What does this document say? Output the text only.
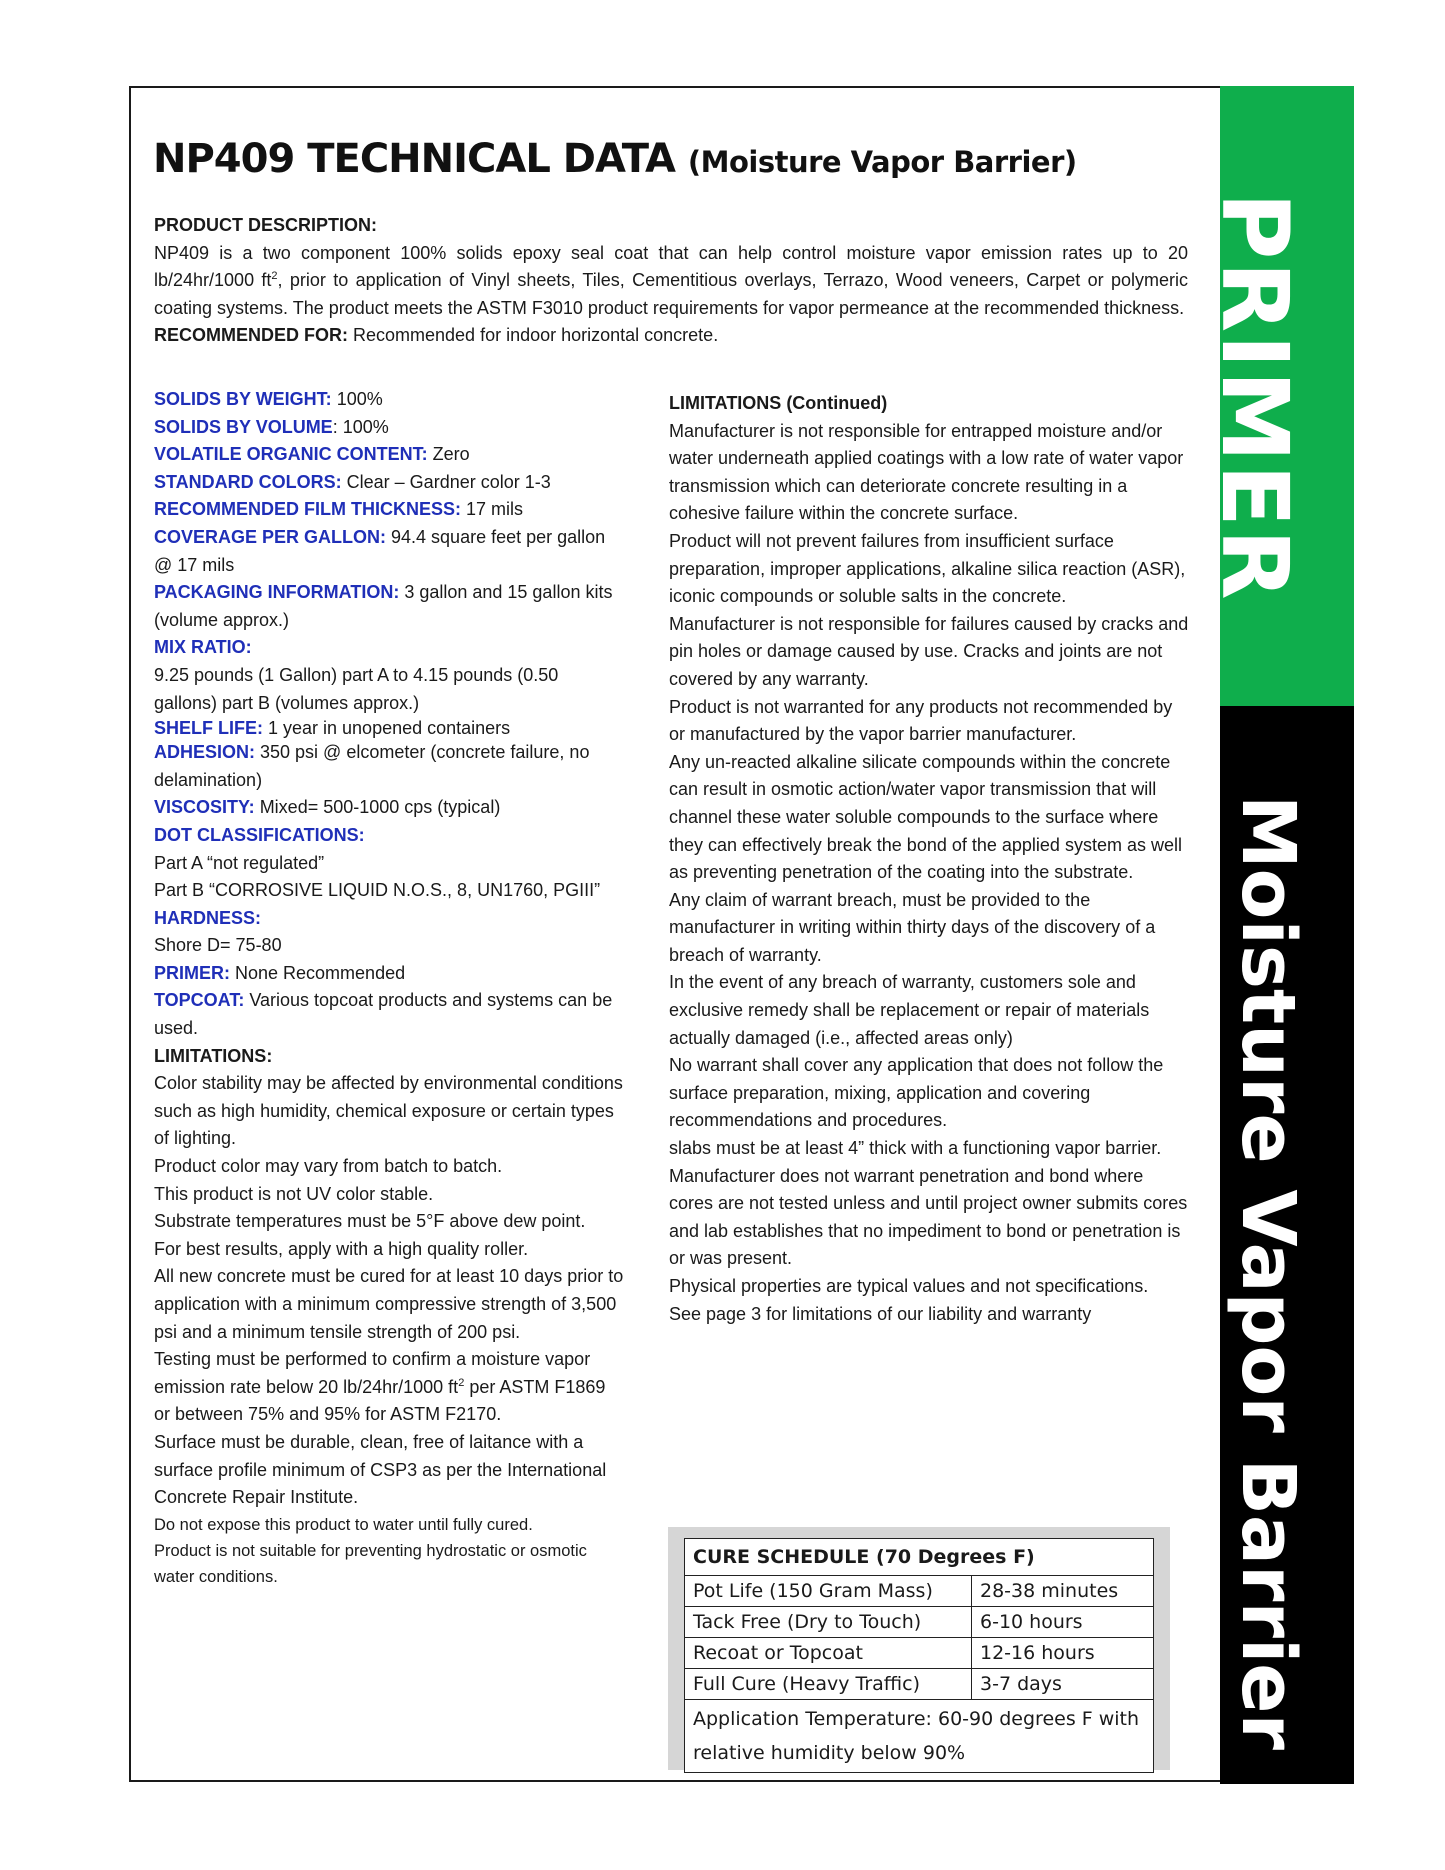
PRIMER
Moisture Vapor Barrier
NP409 TECHNICAL DATA (Moisture Vapor Barrier)
PRODUCT DESCRIPTION:

NP409 is a two component 100% solids epoxy seal coat that can help control moisture vapor emission rates up to 20 lb/24hr/1000 $ft^2$, prior to application of Vinyl sheets, Tiles, Cementitious overlays, Terrazo, Wood veneers, Carpet or polymeric coating systems. The product meets the ASTM F3010 product requirements for vapor permeance at the recommended thickness.

RECOMMENDED FOR: Recommended for indoor horizontal concrete.
SOLIDS BY WEIGHT: 100%
SOLIDS BY VOLUME: 100%
VOLATILE ORGANIC CONTENT: Zero
STANDARD COLORS: Clear – Gardner color 1-3
RECOMMENDED FILM THICKNESS: 17 mils
COVERAGE PER GALLON: 94.4 square feet per gallon @ 17 mils
PACKAGING INFORMATION: 3 gallon and 15 gallon kits (volume approx.)
MIX RATIO:
9.25 pounds (1 Gallon) part A to 4.15 pounds (0.50 gallons) part B (volumes approx.)
SHELF LIFE: 1 year in unopened containers
ADHESION: 350 psi @ elcometer (concrete failure, no delamination)
VISCOSITY: Mixed= 500-1000 cps (typical)
DOT CLASSIFICATIONS:
Part A “not regulated”
Part B “CORROSIVE LIQUID N.O.S., 8, UN1760, PGIII”
HARDNESS:
Shore D= 75-80
PRIMER: None Recommended
TOPCOAT: Various topcoat products and systems can be used.
LIMITATIONS:
Color stability may be affected by environmental conditions such as high humidity, chemical exposure or certain types of lighting.
Product color may vary from batch to batch.
This product is not UV color stable.
Substrate temperatures must be 5°F above dew point.
For best results, apply with a high quality roller.
All new concrete must be cured for at least 10 days prior to application with a minimum compressive strength of 3,500 psi and a minimum tensile strength of 200 psi.
Testing must be performed to confirm a moisture vapor emission rate below 20 lb/24hr/1000 $ft^2$ per ASTM F1869 or between 75% and 95% for ASTM F2170.
Surface must be durable, clean, free of laitance with a surface profile minimum of CSP3 as per the International Concrete Repair Institute.
Do not expose this product to water until fully cured.
Product is not suitable for preventing hydrostatic or osmotic water conditions.
LIMITATIONS (Continued)
Manufacturer is not responsible for entrapped moisture and/or water underneath applied coatings with a low rate of water vapor transmission which can deteriorate concrete resulting in a cohesive failure within the concrete surface.
Product will not prevent failures from insufficient surface preparation, improper applications, alkaline silica reaction (ASR), iconic compounds or soluble salts in the concrete.
Manufacturer is not responsible for failures caused by cracks and pin holes or damage caused by use. Cracks and joints are not covered by any warranty.
Product is not warranted for any products not recommended by or manufactured by the vapor barrier manufacturer.
Any un-reacted alkaline silicate compounds within the concrete can result in osmotic action/water vapor transmission that will channel these water soluble compounds to the surface where they can effectively break the bond of the applied system as well as preventing penetration of the coating into the substrate.
Any claim of warrant breach, must be provided to the manufacturer in writing within thirty days of the discovery of a breach of warranty.
In the event of any breach of warranty, customers sole and exclusive remedy shall be replacement or repair of materials actually damaged (i.e., affected areas only)
No warrant shall cover any application that does not follow the surface preparation, mixing, application and covering recommendations and procedures.
slabs must be at least 4” thick with a functioning vapor barrier.
Manufacturer does not warrant penetration and bond where cores are not tested unless and until project owner submits cores and lab establishes that no impediment to bond or penetration is or was present.
Physical properties are typical values and not specifications.
See page 3 for limitations of our liability and warranty
CURE SCHEDULE (70 Degrees F)	
Pot Life (150 Gram Mass)	28-38 minutes
Tack Free (Dry to Touch)	6-10 hours
Recoat or Topcoat	12-16 hours
Full Cure (Heavy Traffic)	3-7 days
Application Temperature: 60-90 degrees F with relative humidity below 90%	
